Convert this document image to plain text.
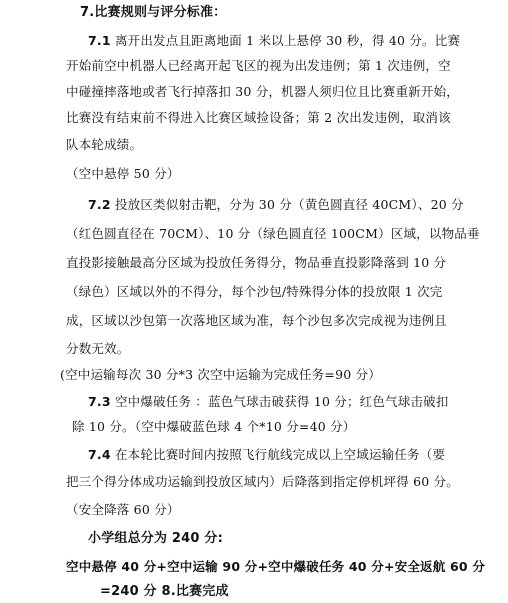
7.比赛规则与评分标准：
7.1 离开出发点且距离地面 1 米以上悬停 30 秒，得 40 分。比赛
开始前空中机器人已经离开起飞区的视为出发违例；第 1 次违例，空
中碰撞摔落地或者飞行掉落扣 30 分，机器人须归位且比赛重新开始，
比赛没有结束前不得进入比赛区域捡设备；第 2 次出发违例，取消该
队本轮成绩。
（空中悬停 50 分）
7.2 投放区类似射击靶，分为 30 分（黄色圆直径 40CM）、20 分
（红色圆直径在 70CM）、10 分（绿色圆直径 100CM）区域，以物品垂
直投影接触最高分区域为投放任务得分，物品垂直投影降落到 10 分
（绿色）区域以外的不得分，每个沙包/特殊得分体的投放限 1 次完
成，区域以沙包第一次落地区域为准，每个沙包多次完成视为违例且
分数无效。
(空中运输每次 30 分*3 次空中运输为完成任务=90 分）
7.3 空中爆破任务 ：蓝色气球击破获得 10 分；红色气球击破扣
除 10 分。（空中爆破蓝色球 4 个*10 分=40 分）
7.4 在本轮比赛时间内按照飞行航线完成以上空域运输任务（要
把三个得分体成功运输到投放区域内）后降落到指定停机坪得 60 分。
（安全降落 60 分）
小学组总分为 240 分:
空中悬停 40 分+空中运输 90 分+空中爆破任务 40 分+安全返航 60 分
=240 分 8.比赛完成
